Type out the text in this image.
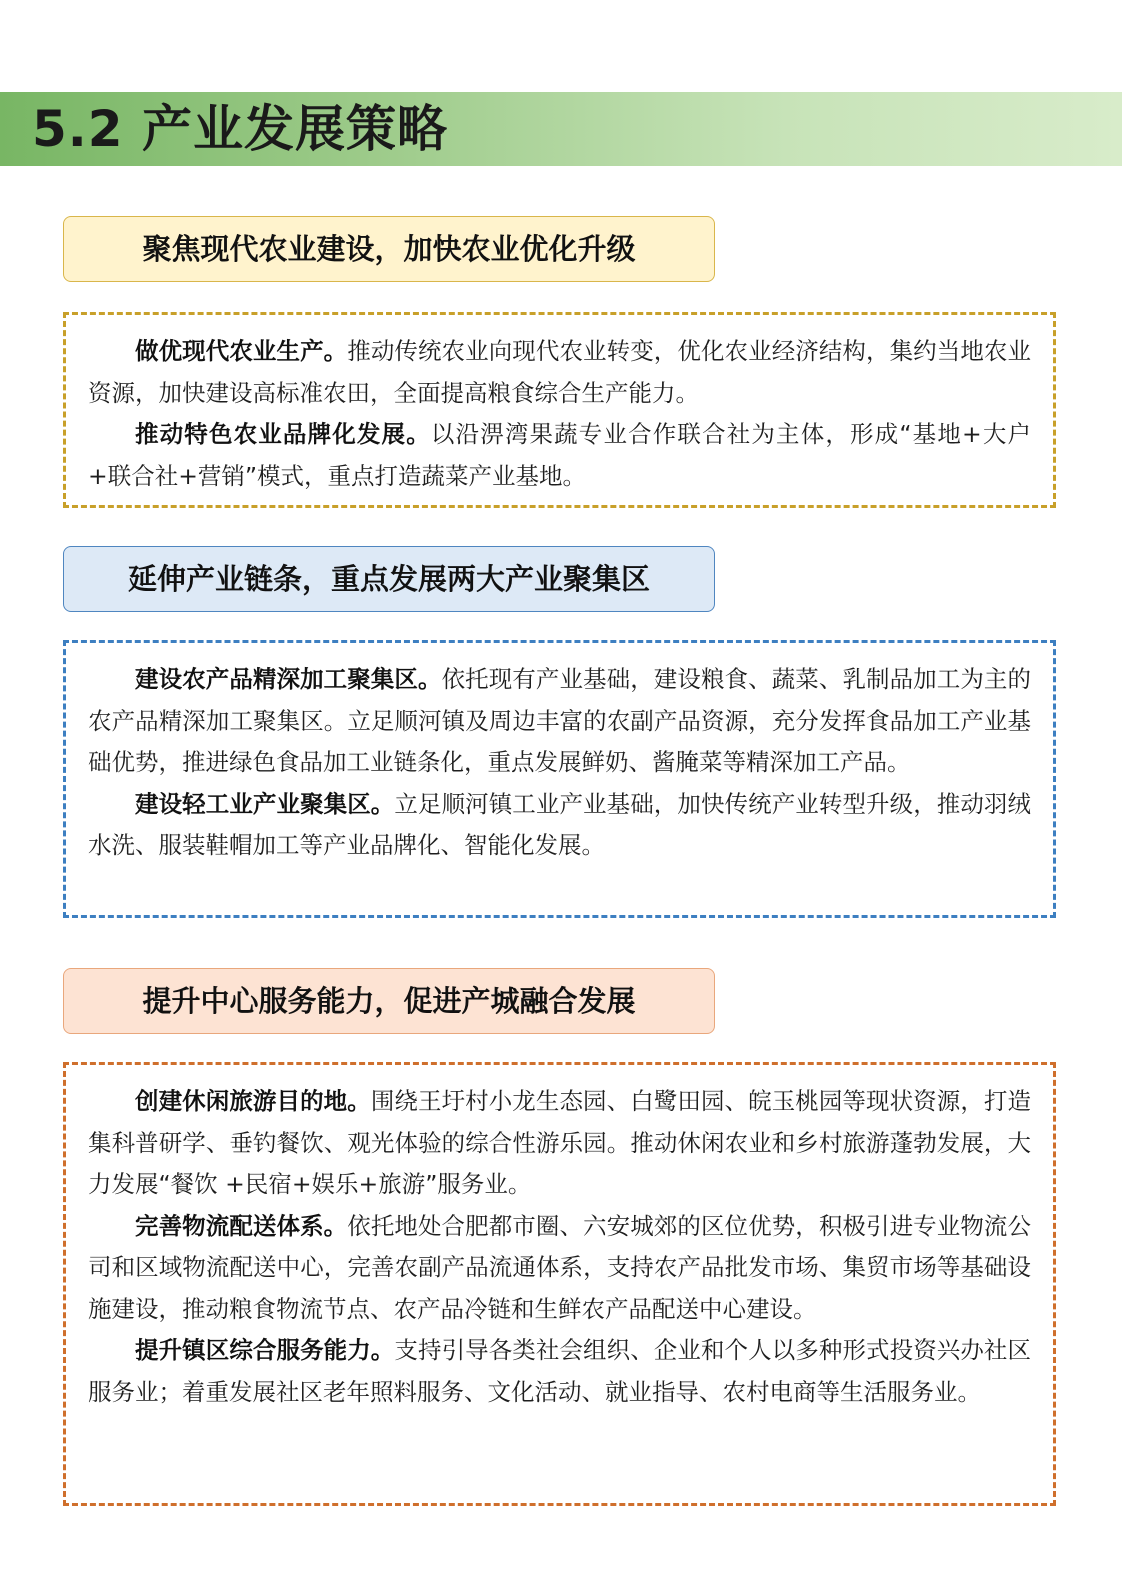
5.2 产业发展策略
聚焦现代农业建设，加快农业优化升级

做优现代农业生产。推动传统农业向现代农业转变，优化农业经济结构，集约当地农业资源，加快建设高标准农田，全面提高粮食综合生产能力。

推动特色农业品牌化发展。以沿淠湾果蔬专业合作联合社为主体，形成“基地+大户+联合社+营销”模式，重点打造蔬菜产业基地。

延伸产业链条，重点发展两大产业聚集区

建设农产品精深加工聚集区。依托现有产业基础，建设粮食、蔬菜、乳制品加工为主的农产品精深加工聚集区。立足顺河镇及周边丰富的农副产品资源，充分发挥食品加工产业基础优势，推进绿色食品加工业链条化，重点发展鲜奶、酱腌菜等精深加工产品。

建设轻工业产业聚集区。立足顺河镇工业产业基础，加快传统产业转型升级，推动羽绒水洗、服装鞋帽加工等产业品牌化、智能化发展。

提升中心服务能力，促进产城融合发展

创建休闲旅游目的地。围绕王圩村小龙生态园、白鹭田园、皖玉桃园等现状资源，打造集科普研学、垂钓餐饮、观光体验的综合性游乐园。推动休闲农业和乡村旅游蓬勃发展，大力发展“餐饮 +民宿+娱乐+旅游”服务业。

完善物流配送体系。依托地处合肥都市圈、六安城郊的区位优势，积极引进专业物流公司和区域物流配送中心，完善农副产品流通体系，支持农产品批发市场、集贸市场等基础设施建设，推动粮食物流节点、农产品冷链和生鲜农产品配送中心建设。

提升镇区综合服务能力。支持引导各类社会组织、企业和个人以多种形式投资兴办社区服务业；着重发展社区老年照料服务、文化活动、就业指导、农村电商等生活服务业。
